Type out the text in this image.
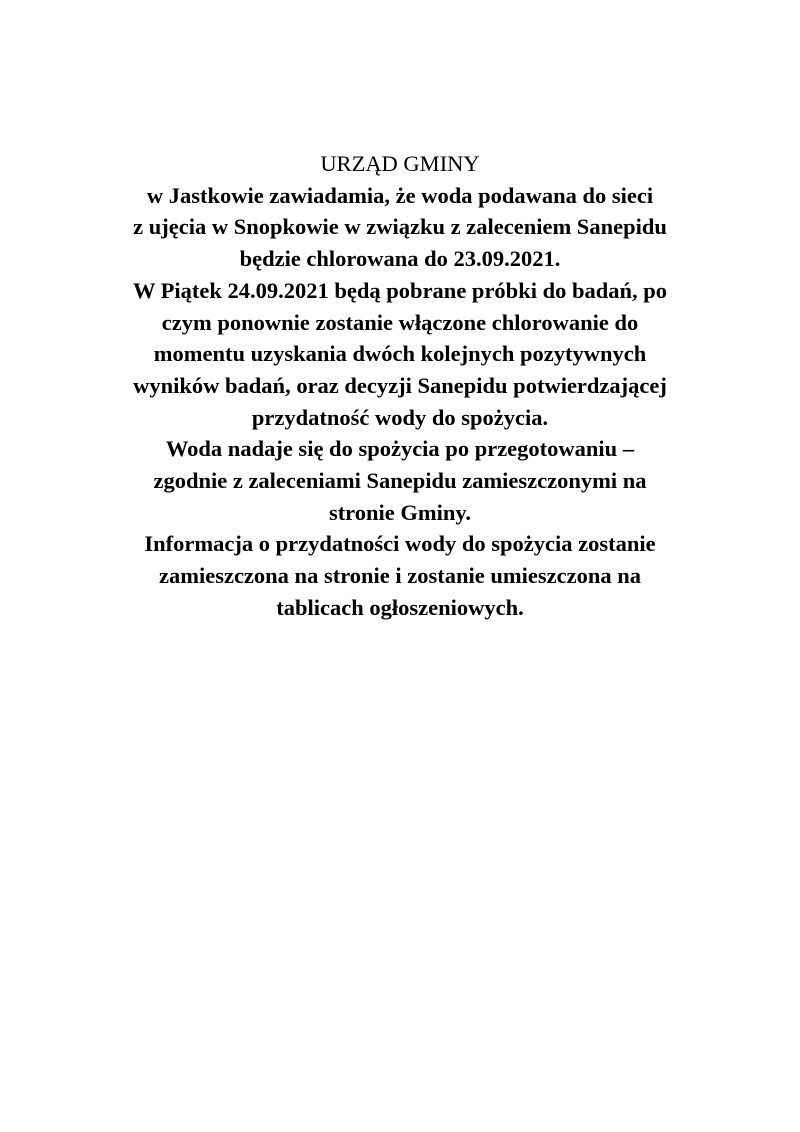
URZĄD GMINY
w Jastkowie zawiadamia, że woda podawana do sieci
z ujęcia w Snopkowie w związku z zaleceniem Sanepidu
będzie chlorowana do 23.09.2021.
W Piątek 24.09.2021 będą pobrane próbki do badań, po
czym ponownie zostanie włączone chlorowanie do
momentu uzyskania dwóch kolejnych pozytywnych
wyników badań, oraz decyzji Sanepidu potwierdzającej
przydatność wody do spożycia.
Woda nadaje się do spożycia po przegotowaniu –
zgodnie z zaleceniami Sanepidu zamieszczonymi na
stronie Gminy.
Informacja o przydatności wody do spożycia zostanie
zamieszczona na stronie i zostanie umieszczona na
tablicach ogłoszeniowych.
